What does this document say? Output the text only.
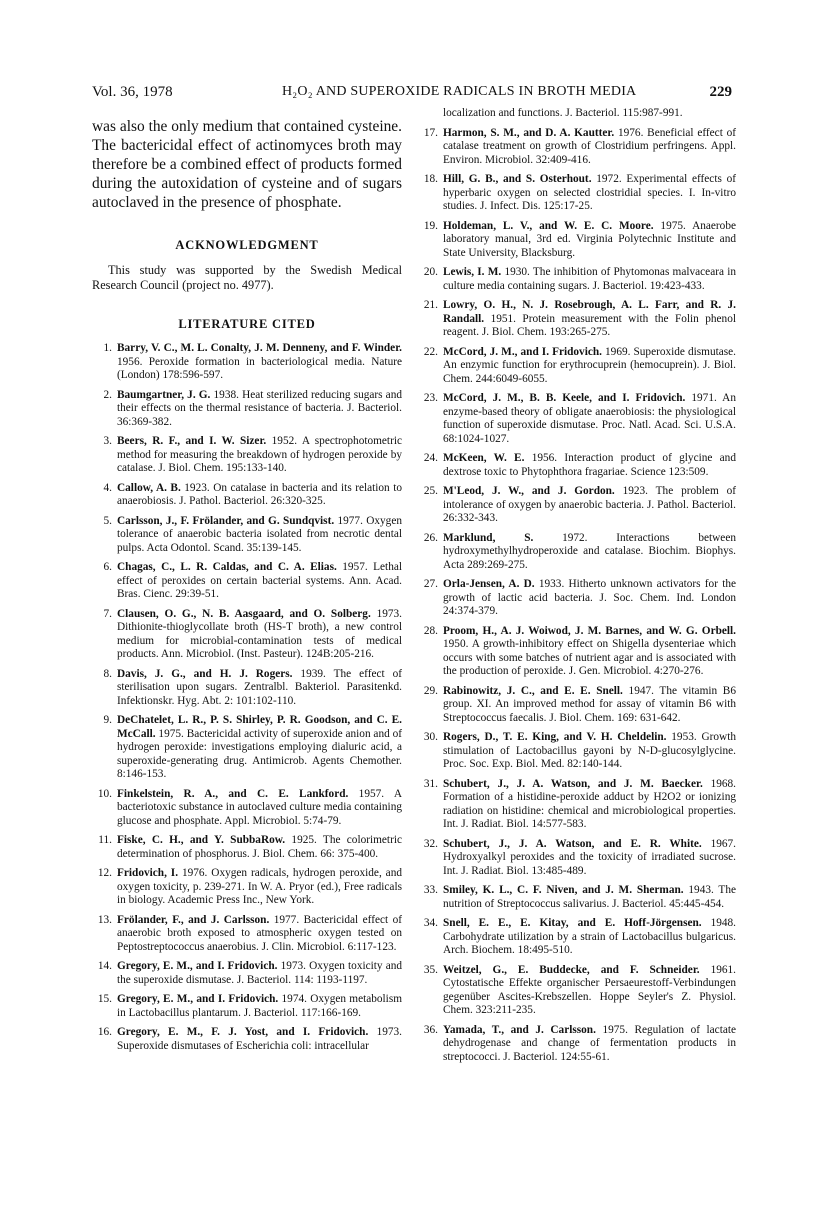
Vol. 36, 1978	H₂O₂ AND SUPEROXIDE RADICALS IN BROTH MEDIA	229

was also the only medium that contained cysteine. The bactericidal effect of actinomyces broth may therefore be a combined effect of products formed during the autoxidation of cysteine and of sugars autoclaved in the presence of phosphate.

ACKNOWLEDGMENT

This study was supported by the Swedish Medical Research Council (project no. 4977).

LITERATURE CITED

1. Barry, V. C., M. L. Conalty, J. M. Denneny, and F. Winder. 1956. Peroxide formation in bacteriological media. Nature (London) 178:596-597.
2. Baumgartner, J. G. 1938. Heat sterilized reducing sugars and their effects on the thermal resistance of bacteria. J. Bacteriol. 36:369-382.
3. Beers, R. F., and I. W. Sizer. 1952. A spectrophotometric method for measuring the breakdown of hydrogen peroxide by catalase. J. Biol. Chem. 195:133-140.
4. Callow, A. B. 1923. On catalase in bacteria and its relation to anaerobiosis. J. Pathol. Bacteriol. 26:320-325.
5. Carlsson, J., F. Frölander, and G. Sundqvist. 1977. Oxygen tolerance of anaerobic bacteria isolated from necrotic dental pulps. Acta Odontol. Scand. 35:139-145.
6. Chagas, C., L. R. Caldas, and C. A. Elias. 1957. Lethal effect of peroxides on certain bacterial systems. Ann. Acad. Bras. Cienc. 29:39-51.
7. Clausen, O. G., N. B. Aasgaard, and O. Solberg. 1973. Dithionite-thioglycollate broth (HS-T broth), a new control medium for microbial-contamination tests of medical products. Ann. Microbiol. (Inst. Pasteur). 124B:205-216.
8. Davis, J. G., and H. J. Rogers. 1939. The effect of sterilisation upon sugars. Zentralbl. Bakteriol. Parasitenkd. Infektionskr. Hyg. Abt. 2: 101:102-110.
9. DeChatelet, L. R., P. S. Shirley, P. R. Goodson, and C. E. McCall. 1975. Bactericidal activity of superoxide anion and of hydrogen peroxide: investigations employing dialuric acid, a superoxide-generating drug. Antimicrob. Agents Chemother. 8:146-153.
10. Finkelstein, R. A., and C. E. Lankford. 1957. A bacteriotoxic substance in autoclaved culture media containing glucose and phosphate. Appl. Microbiol. 5:74-79.
11. Fiske, C. H., and Y. SubbaRow. 1925. The colorimetric determination of phosphorus. J. Biol. Chem. 66: 375-400.
12. Fridovich, I. 1976. Oxygen radicals, hydrogen peroxide, and oxygen toxicity, p. 239-271. In W. A. Pryor (ed.), Free radicals in biology. Academic Press Inc., New York.
13. Frölander, F., and J. Carlsson. 1977. Bactericidal effect of anaerobic broth exposed to atmospheric oxygen tested on Peptostreptococcus anaerobius. J. Clin. Microbiol. 6:117-123.
14. Gregory, E. M., and I. Fridovich. 1973. Oxygen toxicity and the superoxide dismutase. J. Bacteriol. 114: 1193-1197.
15. Gregory, E. M., and I. Fridovich. 1974. Oxygen metabolism in Lactobacillus plantarum. J. Bacteriol. 117:166-169.
16. Gregory, E. M., F. J. Yost, and I. Fridovich. 1973. Superoxide dismutases of Escherichia coli: intracellular

localization and functions. J. Bacteriol. 115:987-991.

17. Harmon, S. M., and D. A. Kautter. 1976. Beneficial effect of catalase treatment on growth of Clostridium perfringens. Appl. Environ. Microbiol. 32:409-416.
18. Hill, G. B., and S. Osterhout. 1972. Experimental effects of hyperbaric oxygen on selected clostridial species. I. In-vitro studies. J. Infect. Dis. 125:17-25.
19. Holdeman, L. V., and W. E. C. Moore. 1975. Anaerobe laboratory manual, 3rd ed. Virginia Polytechnic Institute and State University, Blacksburg.
20. Lewis, I. M. 1930. The inhibition of Phytomonas malvaceara in culture media containing sugars. J. Bacteriol. 19:423-433.
21. Lowry, O. H., N. J. Rosebrough, A. L. Farr, and R. J. Randall. 1951. Protein measurement with the Folin phenol reagent. J. Biol. Chem. 193:265-275.
22. McCord, J. M., and I. Fridovich. 1969. Superoxide dismutase. An enzymic function for erythrocuprein (hemocuprein). J. Biol. Chem. 244:6049-6055.
23. McCord, J. M., B. B. Keele, and I. Fridovich. 1971. An enzyme-based theory of obligate anaerobiosis: the physiological function of superoxide dismutase. Proc. Natl. Acad. Sci. U.S.A. 68:1024-1027.
24. McKeen, W. E. 1956. Interaction product of glycine and dextrose toxic to Phytophthora fragariae. Science 123:509.
25. M'Leod, J. W., and J. Gordon. 1923. The problem of intolerance of oxygen by anaerobic bacteria. J. Pathol. Bacteriol. 26:332-343.
26. Marklund, S. 1972. Interactions between hydroxymethylhydroperoxide and catalase. Biochim. Biophys. Acta 289:269-275.
27. Orla-Jensen, A. D. 1933. Hitherto unknown activators for the growth of lactic acid bacteria. J. Soc. Chem. Ind. London 24:374-379.
28. Proom, H., A. J. Woiwod, J. M. Barnes, and W. G. Orbell. 1950. A growth-inhibitory effect on Shigella dysenteriae which occurs with some batches of nutrient agar and is associated with the production of peroxide. J. Gen. Microbiol. 4:270-276.
29. Rabinowitz, J. C., and E. E. Snell. 1947. The vitamin B6 group. XI. An improved method for assay of vitamin B6 with Streptococcus faecalis. J. Biol. Chem. 169: 631-642.
30. Rogers, D., T. E. King, and V. H. Cheldelin. 1953. Growth stimulation of Lactobacillus gayoni by N-D-glucosylglycine. Proc. Soc. Exp. Biol. Med. 82:140-144.
31. Schubert, J., J. A. Watson, and J. M. Baecker. 1968. Formation of a histidine-peroxide adduct by H2O2 or ionizing radiation on histidine: chemical and microbiological properties. Int. J. Radiat. Biol. 14:577-583.
32. Schubert, J., J. A. Watson, and E. R. White. 1967. Hydroxyalkyl peroxides and the toxicity of irradiated sucrose. Int. J. Radiat. Biol. 13:485-489.
33. Smiley, K. L., C. F. Niven, and J. M. Sherman. 1943. The nutrition of Streptococcus salivarius. J. Bacteriol. 45:445-454.
34. Snell, E. E., E. Kitay, and E. Hoff-Jörgensen. 1948. Carbohydrate utilization by a strain of Lactobacillus bulgaricus. Arch. Biochem. 18:495-510.
35. Weitzel, G., E. Buddecke, and F. Schneider. 1961. Cytostatische Effekte organischer Persaeurestoff-Verbindungen gegenüber Ascites-Krebszellen. Hoppe Seyler's Z. Physiol. Chem. 323:211-235.
36. Yamada, T., and J. Carlsson. 1975. Regulation of lactate dehydrogenase and change of fermentation products in streptococci. J. Bacteriol. 124:55-61.
